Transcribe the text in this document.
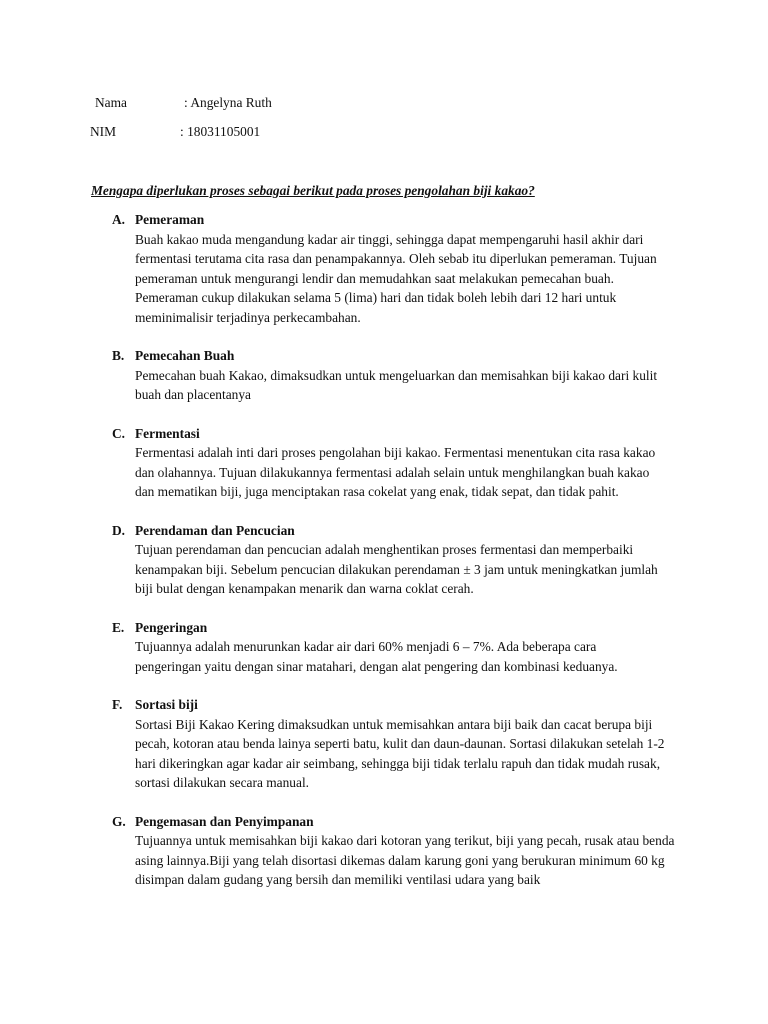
Nama	: Angelyna Ruth
NIM	: 18031105001
Mengapa diperlukan proses sebagai berikut pada proses pengolahan biji kakao?
A. Pemeraman
Buah kakao muda mengandung kadar air tinggi, sehingga dapat mempengaruhi hasil akhir dari fermentasi terutama cita rasa dan penampakannya. Oleh sebab itu diperlukan pemeraman. Tujuan pemeraman untuk mengurangi lendir dan memudahkan saat melakukan pemecahan buah. Pemeraman cukup dilakukan selama 5 (lima) hari dan tidak boleh lebih dari 12 hari untuk meminimalisir terjadinya perkecambahan.
B. Pemecahan Buah
Pemecahan buah Kakao, dimaksudkan untuk mengeluarkan dan memisahkan biji kakao dari kulit buah dan placentanya
C. Fermentasi
Fermentasi adalah inti dari proses pengolahan biji kakao. Fermentasi menentukan cita rasa kakao dan olahannya. Tujuan dilakukannya fermentasi adalah selain untuk menghilangkan buah kakao dan mematikan biji, juga menciptakan rasa cokelat yang enak, tidak sepat, dan tidak pahit.
D. Perendaman dan Pencucian
Tujuan perendaman dan pencucian adalah menghentikan proses fermentasi dan memperbaiki kenampakan biji. Sebelum pencucian dilakukan perendaman ± 3 jam untuk meningkatkan jumlah biji bulat dengan kenampakan menarik dan warna coklat cerah.
E. Pengeringan
Tujuannya adalah menurunkan kadar air dari 60% menjadi 6 – 7%. Ada beberapa cara pengeringan yaitu dengan sinar matahari, dengan alat pengering dan kombinasi keduanya.
F. Sortasi biji
Sortasi Biji Kakao Kering dimaksudkan untuk memisahkan antara biji baik dan cacat berupa biji pecah, kotoran atau benda lainya seperti batu, kulit dan daun-daunan. Sortasi dilakukan setelah 1-2 hari dikeringkan agar kadar air seimbang, sehingga biji tidak terlalu rapuh dan tidak mudah rusak, sortasi dilakukan secara manual.
G. Pengemasan dan Penyimpanan
Tujuannya untuk memisahkan biji kakao dari kotoran yang terikut, biji yang pecah, rusak atau benda asing lainnya.Biji yang telah disortasi dikemas dalam karung goni yang berukuran minimum 60 kg disimpan dalam gudang yang bersih dan memiliki ventilasi udara yang baik
